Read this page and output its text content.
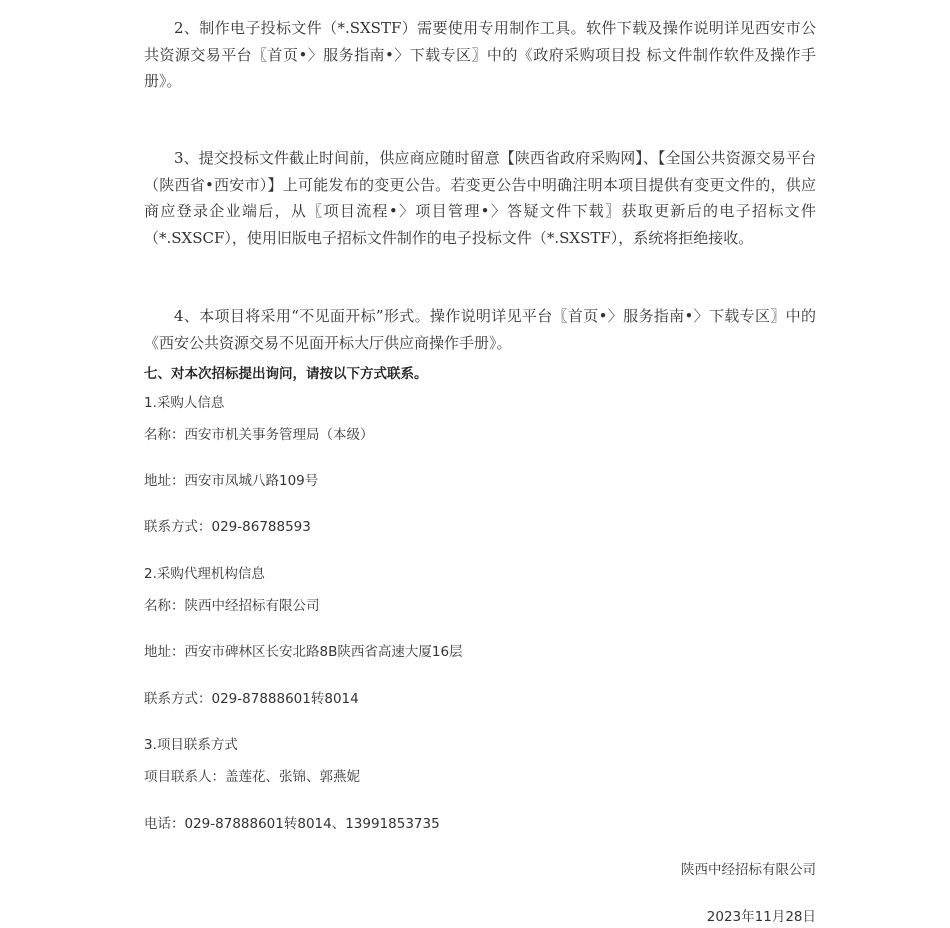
2、制作电子投标文件（*.SXSTF）需要使用专用制作工具。软件下载及操作说明详见西安市公共资源交易平台〖首页•〉服务指南•〉下载专区〗中的《政府采购项目投 标文件制作软件及操作手册》。

3、提交投标文件截止时间前，供应商应随时留意【陕西省政府采购网】、【全国公共资源交易平台（陕西省•西安市）】上可能发布的变更公告。若变更公告中明确注明本项目提供有变更文件的，供应商应登录企业端后，从〖项目流程•〉项目管理•〉答疑文件下载〗获取更新后的电子招标文件（*.SXSCF），使用旧版电子招标文件制作的电子投标文件（*.SXSTF），系统将拒绝接收。

4、本项目将采用“不见面开标”形式。操作说明详见平台〖首页•〉服务指南•〉下载专区〗中的《西安公共资源交易不见面开标大厅供应商操作手册》。

七、对本次招标提出询问，请按以下方式联系。
1.采购人信息
名称：西安市机关事务管理局（本级）
地址：西安市凤城八路109号
联系方式：029-86788593
2.采购代理机构信息
名称：陕西中经招标有限公司
地址：西安市碑林区长安北路8B陕西省高速大厦16层
联系方式：029-87888601转8014
3.项目联系方式
项目联系人：盖莲花、张锦、郭燕妮
电话：029-87888601转8014、13991853735
陕西中经招标有限公司
2023年11月28日
